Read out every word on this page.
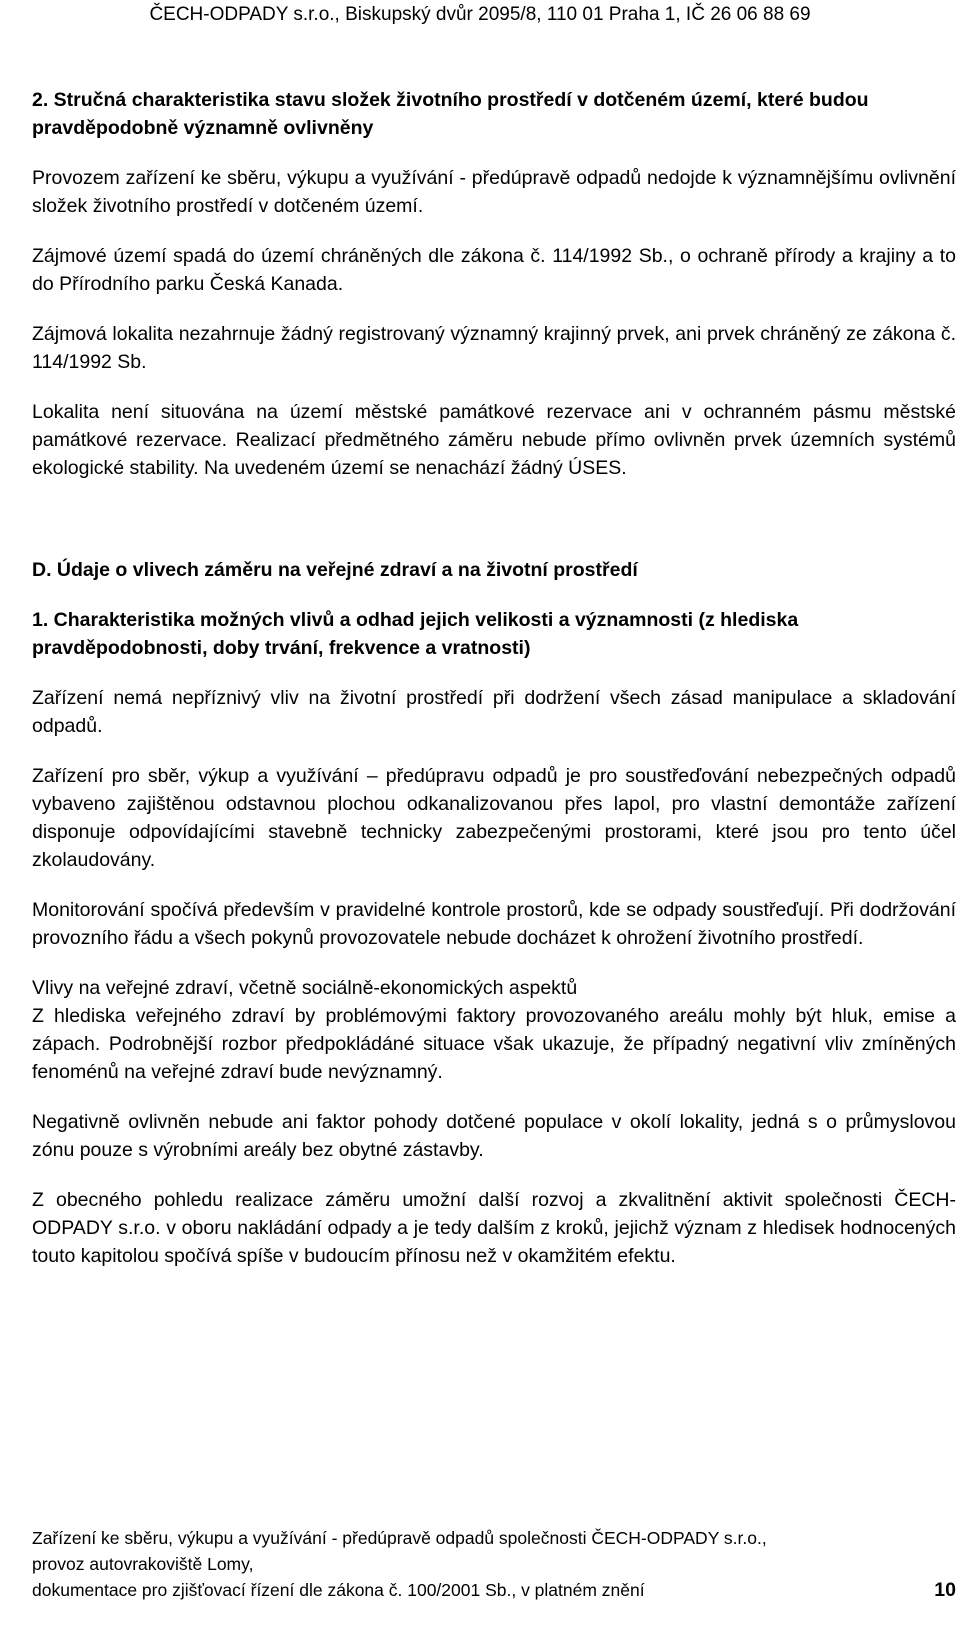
ČECH-ODPADY s.r.o., Biskupský dvůr 2095/8, 110 01 Praha 1, IČ 26 06 88 69
2. Stručná charakteristika stavu složek životního prostředí v dotčeném území, které budou pravděpodobně významně ovlivněny

Provozem zařízení ke sběru, výkupu a využívání - předúpravě odpadů nedojde k významnějšímu ovlivnění složek životního prostředí v dotčeném území.

Zájmové území spadá do území chráněných dle zákona č. 114/1992 Sb., o ochraně přírody a krajiny a to do Přírodního parku Česká Kanada.

Zájmová lokalita nezahrnuje žádný registrovaný významný krajinný prvek, ani prvek chráněný ze zákona č. 114/1992 Sb.

Lokalita není situována na území městské památkové rezervace ani v ochranném pásmu městské památkové rezervace. Realizací předmětného záměru nebude přímo ovlivněn prvek územních systémů ekologické stability. Na uvedeném území se nenachází žádný ÚSES.

D. Údaje o vlivech záměru na veřejné zdraví a na životní prostředí
1. Charakteristika možných vlivů a odhad jejich velikosti a významnosti (z hlediska pravděpodobnosti, doby trvání, frekvence a vratnosti)

Zařízení nemá nepříznivý vliv na životní prostředí při dodržení všech zásad manipulace a skladování odpadů.

Zařízení pro sběr, výkup a využívání – předúpravu odpadů je pro soustřeďování nebezpečných odpadů vybaveno zajištěnou odstavnou plochou odkanalizovanou přes lapol, pro vlastní demontáže zařízení disponuje odpovídajícími stavebně technicky zabezpečenými prostorami, které jsou pro tento účel zkolaudovány.

Monitorování spočívá především v pravidelné kontrole prostorů, kde se odpady soustřeďují. Při dodržování provozního řádu a všech pokynů provozovatele nebude docházet k ohrožení životního prostředí.

Vlivy na veřejné zdraví, včetně sociálně-ekonomických aspektů

Z hlediska veřejného zdraví by problémovými faktory provozovaného areálu mohly být hluk, emise a zápach. Podrobnější rozbor předpokládáné situace však ukazuje, že případný negativní vliv zmíněných fenoménů na veřejné zdraví bude nevýznamný.

Negativně ovlivněn nebude ani faktor pohody dotčené populace v okolí lokality, jedná s o průmyslovou zónu pouze s výrobními areály bez obytné zástavby.

Z obecného pohledu realizace záměru umožní další rozvoj a zkvalitnění aktivit společnosti ČECH-ODPADY s.r.o. v oboru nakládání odpady a je tedy dalším z kroků, jejichž význam z hledisek hodnocených touto kapitolou spočívá spíše v budoucím přínosu než v okamžitém efektu.

Zařízení ke sběru, výkupu a využívání - předúpravě odpadů společnosti ČECH-ODPADY s.r.o.,
provoz autovrakoviště Lomy,
dokumentace pro zjišťovací řízení dle zákona č. 100/2001 Sb., v platném znění	10
